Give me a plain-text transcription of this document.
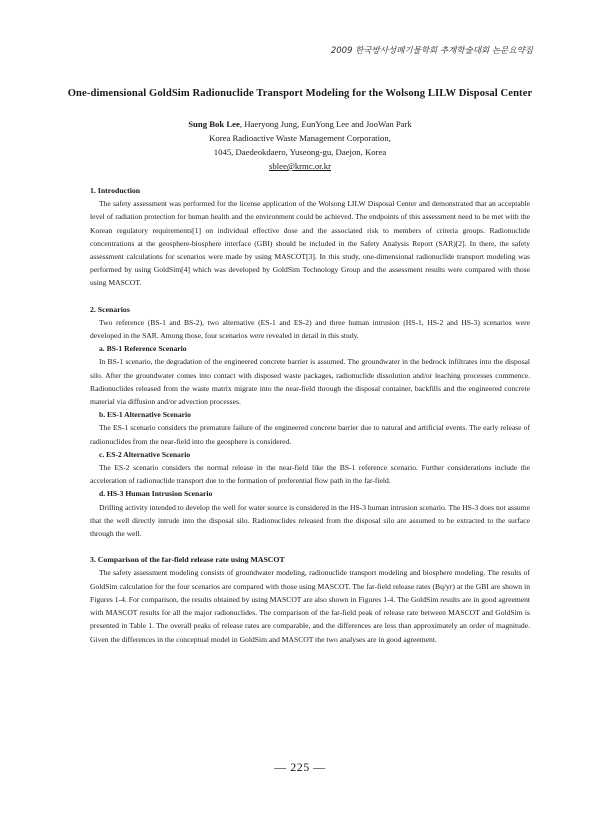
2009 한국방사성폐기물학회 추계학술대회 논문요약집
One-dimensional GoldSim Radionuclide Transport Modeling for the Wolsong LILW Disposal Center
Sung Bok Lee, Haeryong Jung, EunYong Lee and JooWan Park
Korea Radioactive Waste Management Corporation,
1045, Daedeokdaero, Yuseong-gu, Daejon, Korea
sblee@krmc.or.kr
1. Introduction

The safety assessment was performed for the license application of the Wolsong LILW Disposal Center and demonstrated that an acceptable level of radiation protection for human health and the environment could be achieved. The endpoints of this assessment need to be met with the Korean regulatory requirements[1] on individual effective dose and the associated risk to members of criteria groups. Radionuclide concentrations at the geosphere-biosphere interface (GBI) should be included in the Safety Analysis Report (SAR)[2]. In there, the safety assessment calculations for scenarios were made by using MASCOT[3]. In this study, one-dimensional radionuclide transport modeling was performed by using GoldSim[4] which was developed by GoldSim Technology Group and the assessment results were compared with those using MASCOT.

2. Scenarios

Two reference (BS-1 and BS-2), two alternative (ES-1 and ES-2) and three human intrusion (HS-1, HS-2 and HS-3) scenarios were developed in the SAR. Among those, four scenarios were revealed in detail in this study.

a. BS-1 Reference Scenario

In BS-1 scenario, the degradation of the engineered concrete barrier is assumed. The groundwater in the bedrock infiltrates into the disposal silo. After the groundwater comes into contact with disposed waste packages, radionuclide dissolution and/or leaching processes commence. Radionuclides released from the waste matrix migrate into the near-field through the disposal container, backfills and the engineered concrete material via diffusion and/or advection processes.

b. ES-1 Alternative Scenario

The ES-1 scenario considers the premature failure of the engineered concrete barrier due to natural and artificial events. The early release of radionuclides from the near-field into the geosphere is considered.

c. ES-2 Alternative Scenario

The ES-2 scenario considers the normal release in the near-field like the BS-1 reference scenario. Further considerations include the acceleration of radionuclide transport due to the formation of preferential flow path in the far-field.

d. HS-3 Human Intrusion Scenario

Drilling activity intended to develop the well for water source is considered in the HS-3 human intrusion scenario. The HS-3 does not assume that the well directly intrude into the disposal silo. Radionuclides released from the disposal silo are assumed to be extracted to the surface through the well.

3. Comparison of the far-field release rate using MASCOT

The safety assessment modeling consists of groundwater modeling, radionuclide transport modeling and biosphere modeling. The results of GoldSim calculation for the four scenarios are compared with those using MASCOT. The far-field release rates (Bq/yr) at the GBI are shown in Figures 1-4. For comparison, the results obtained by using MASCOT are also shown in Figures 1-4. The GoldSim results are in good agreement with MASCOT results for all the major radionuclides. The comparison of the far-field peak of release rate between MASCOT and GoldSim is presented in Table 1. The overall peaks of release rates are comparable, and the differences are less than approximately an order of magnitude. Given the differences in the conceptual model in GoldSim and MASCOT the two analyses are in good agreement.

— 225 —
